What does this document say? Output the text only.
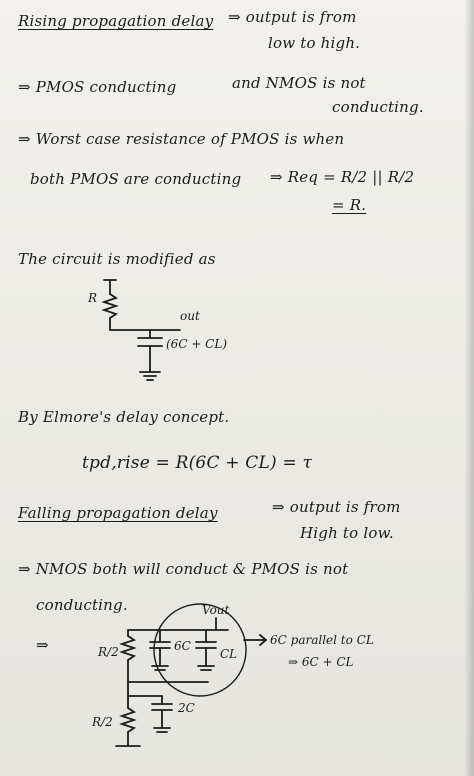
Rising propagation delay ⇒ output is from
low to high.
⇒ PMOS conducting	and NMOS is not
conducting.
⇒ Worst case resistance of PMOS is when
both PMOS are conducting ⇒ Req = R/2 || R/2
= R.
The circuit is modified as
R
out
(6C + CL)
By Elmore's delay concept.
tpd,rise = R(6C + CL) = τ
Falling propagation delay	⇒ output is from
High to low.
⇒ NMOS both will conduct & PMOS is not
conducting.
⇒
Vout
6C
CL
R/2
R/2
2C
6C parallel to CL
⇒ 6C + CL
